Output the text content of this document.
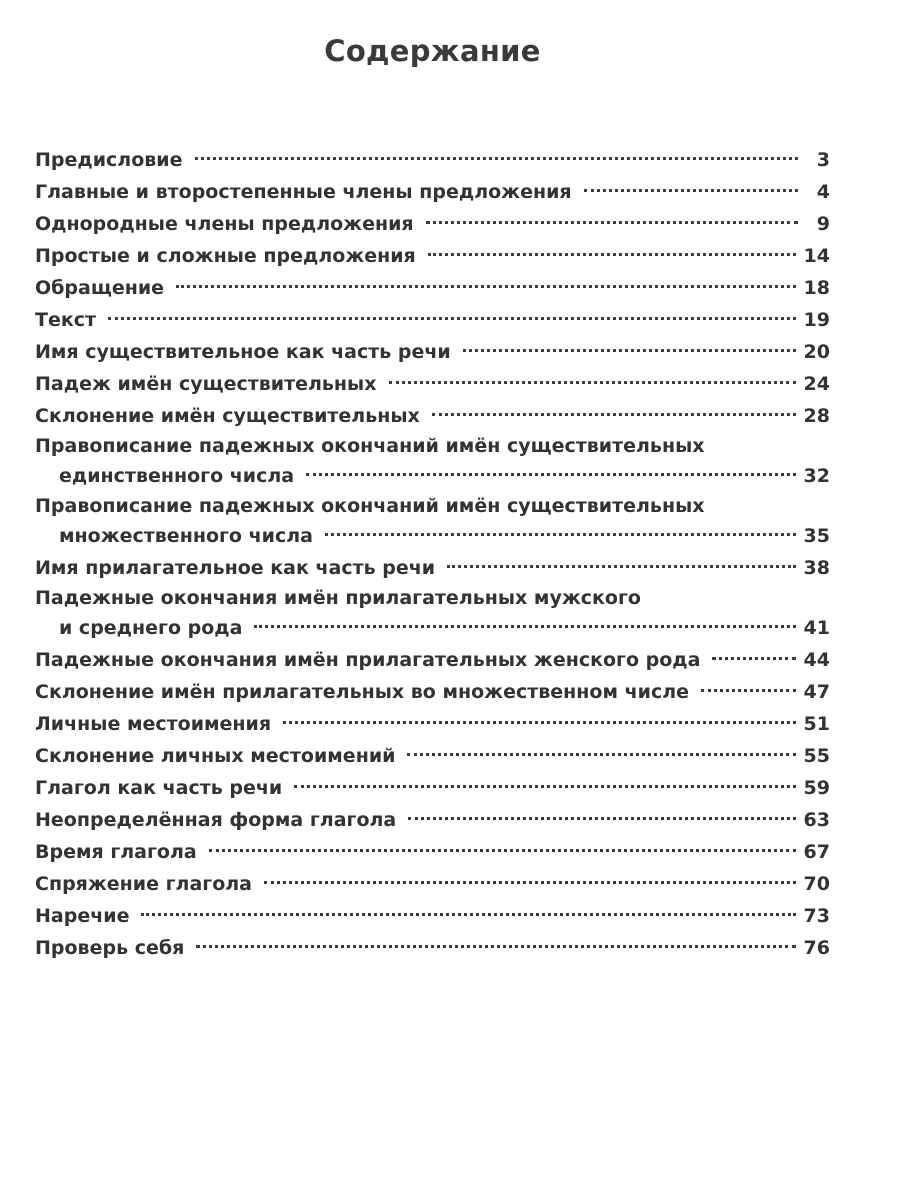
Содержание
Предисловие	3
Главные и второстепенные члены предложения	4
Однородные члены предложения	9
Простые и сложные предложения	14
Обращение	18
Текст	19
Имя существительное как часть речи	20
Падеж имён существительных	24
Склонение имён существительных	28
Правописание падежных окончаний имён существительных
единственного числа	32
Правописание падежных окончаний имён существительных
множественного числа	35
Имя прилагательное как часть речи	38
Падежные окончания имён прилагательных мужского
и среднего рода	41
Падежные окончания имён прилагательных женского рода	44
Склонение имён прилагательных во множественном числе	47
Личные местоимения	51
Склонение личных местоимений	55
Глагол как часть речи	59
Неопределённая форма глагола	63
Время глагола	67
Спряжение глагола	70
Наречие	73
Проверь себя	76
